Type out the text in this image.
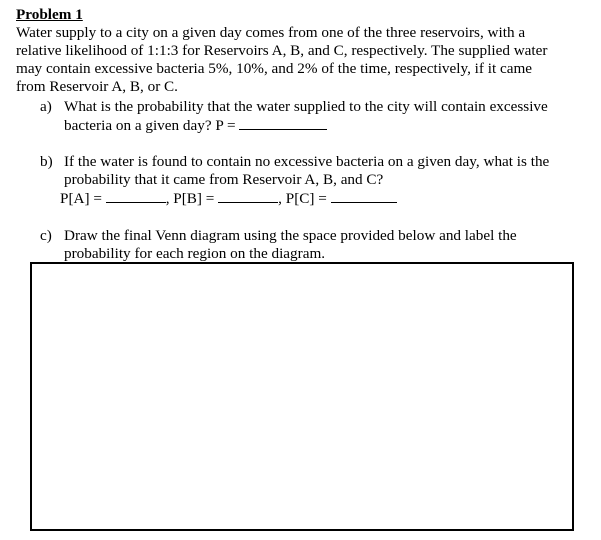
Problem 1
Water supply to a city on a given day comes from one of the three reservoirs, with a
relative likelihood of 1:1:3 for Reservoirs A, B, and C, respectively. The supplied water
may contain excessive bacteria 5%, 10%, and 2% of the time, respectively, if it came
from Reservoir A, B, or C.
a) What is the probability that the water supplied to the city will contain excessive
bacteria on a given day? P =
b) If the water is found to contain no excessive bacteria on a given day, what is the
probability that it came from Reservoir A, B, and C?
P[A] =	, P[B] =	, P[C] =
c) Draw the final Venn diagram using the space provided below and label the
probability for each region on the diagram.
